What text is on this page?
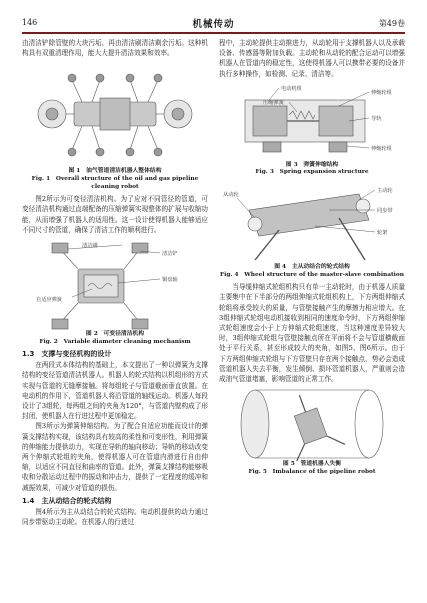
146	机械传动	第49卷

由清洁铲除管壁的大块污垢，再由清洁刷清洁剩余污垢。这种机构具有双重清理作用，能大大提升清洁效果和效率。

图 1　油气管道清洁机器人整体结构
Fig. 1　Overall structure of the oil and gas pipeline cleaning robot

图2所示为可变径清洁机构。为了应对不同管径的管道，可变径清洁机构通过直端配备的压缩弹簧实现整体的扩展与收缩功能，从而增强了机器人的适用性。这一设计使得机器人能够适应不同尺寸的管道，确保了清洁工作的顺利进行。

清洁刷
清洁铲
铜盘轴
自适应弹簧
图 2　可变径清洁机构
Fig. 2　Variable diameter cleaning mechanism
1.3　支撑与变径机构的设计

在两段式本体结构的基础上，本文提出了一种以弹簧为支撑结构的变径管道清洁机器人。机器人的轮式结构以机组形的方式实现与管道的无缝摩接触。将每组轮子与管道截面垂直放置。在电动机的作用下，管道机器人将沿管道的轴线运动。机器人每段设计了3组轮，每两组之间的夹角为120°，与管道内壁构成了形封闭，使机器人在行进过程中更加稳定。

图3所示为弹簧伸缩结构。为了配合自适应功能而设计的弹簧支撑结构实现，该结构具有较高的柔性和可变形性，利用弹簧的伸缩能力提供动力，实现在导轨的轴向移动；导轨的移动改变两个伸缩式轮组的夹角，使得机器人可在管道内滑进行自由伸缩，以适应不同直径和曲率的管道。此外，弹簧支撑结构能够吸收和分散运动过程中的振动和冲击力，提供了一定程度的缓冲和减振效果，可减少对管道的损伤。

1.4　主从动结合的轮式结构

图4所示为主从动结合的轮式结构。电动机提供的动力通过同步带驱动主动轮。在机器人的行进过

程中，主动轮提供主动推进力，从动轮用于支撑机器人以及承载设备、传感器等附加负载。主动轮和从动轮的配合运动可以增强机器人在管道内的稳定性，这使得机器人可以携带必要的设备并执行多种操作，如检测、记录、清洁等。

电动机组
伸缩轮组
压缩弹簧
导轨
伸缩轮组
图 3　弹簧伸缩结构
Fig. 3　Spring expansion structure
从动轮
主动轮
同步带
轮架
图 4　主从动结合的轮式结构
Fig. 4　Wheel structure of the master-slave combination

当导缆伸缩式轮组机构只有单一主动轮时，由于机器人质量主要集中在下半部分的两组伸缩式轮组机构上，下方两组伸缩式轮组将承受较大的质量，与管壁接触产生的摩擦力相应增大。在3组伸缩式轮组电动机接收到相同的速度命令时，下方两组伸缩式轮组速度会小于上方伸缩式轮组速度，当这种速度差异较大时，3组伸缩式轮组与管壁接触点所在平面将不会与管道横截面处于平行关系，甚至形成较大的夹角，如图5、图6所示。由于下方两组伸缩式轮组与下方管壁只存在两个接触点，势必会造成管道机器人失去平衡，发生倾倒、损坏管道机器人，严重则会造成油气管道堵塞，影响管道的正常工作。

图 5　管道机器人失衡
Fig. 5　Imbalance of the pipeline robot
